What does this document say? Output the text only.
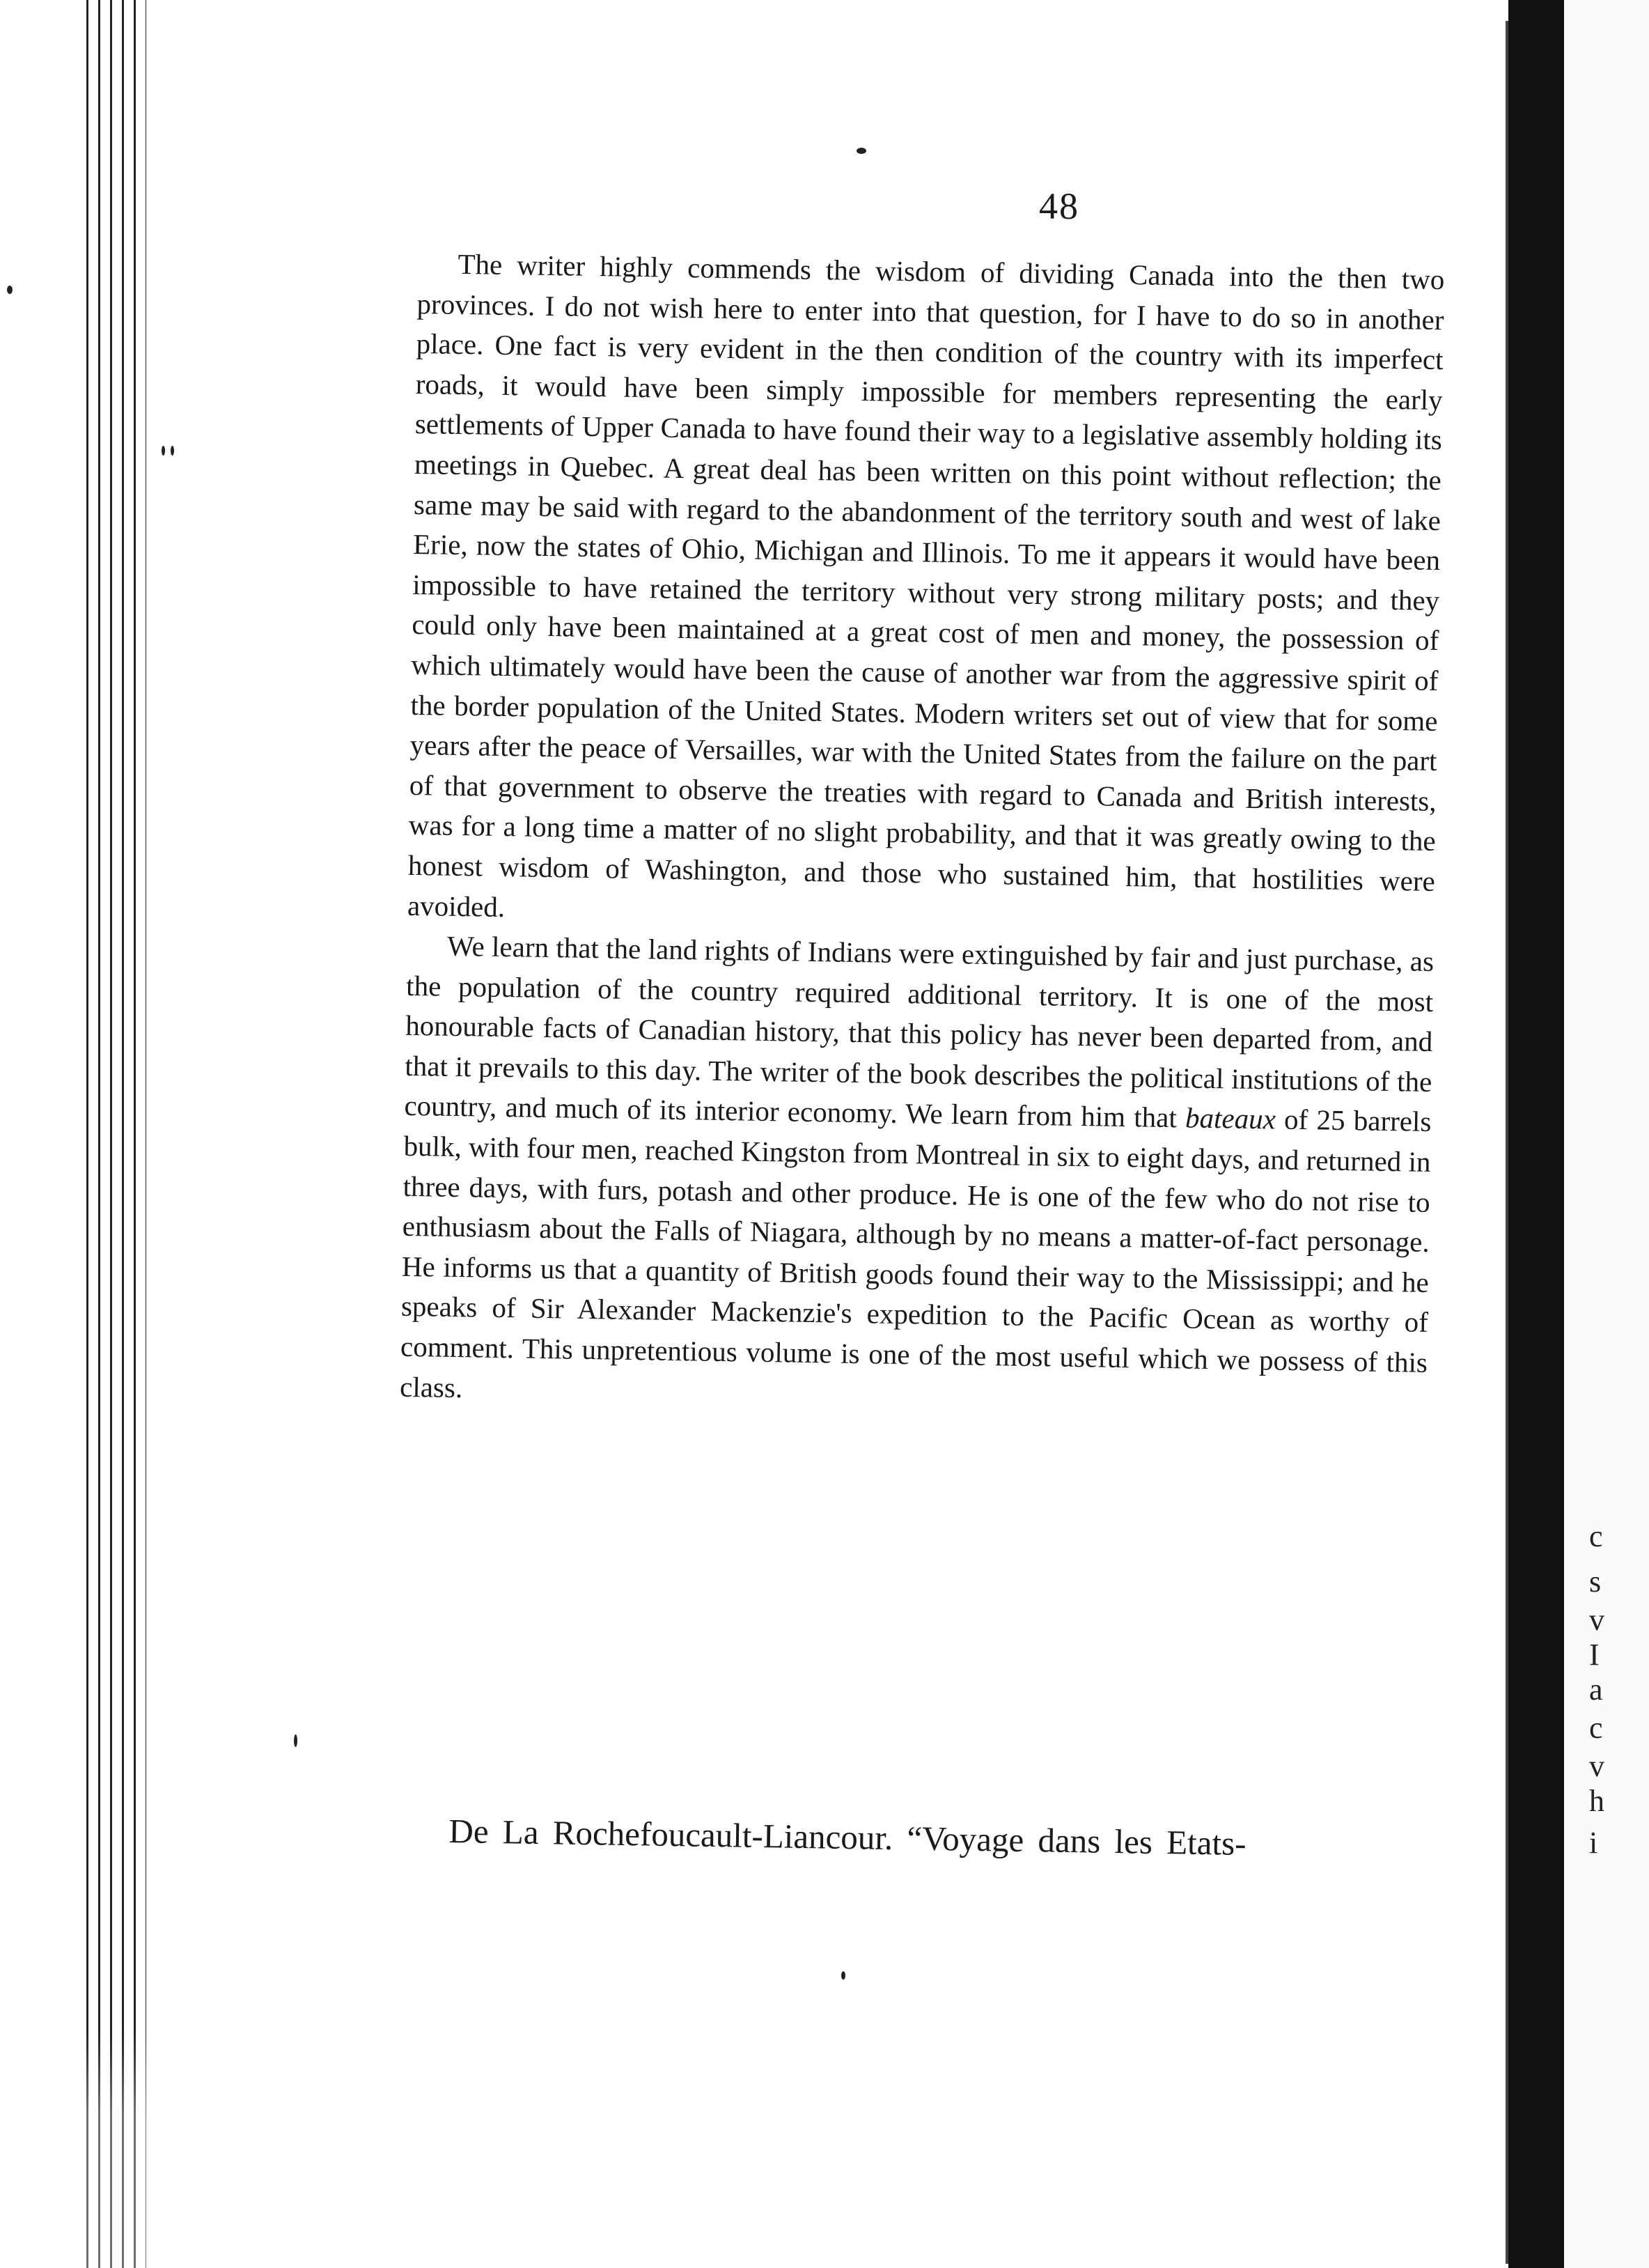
48

The writer highly commends the wisdom of dividing Canada into the then two provinces. I do not wish here to enter into that question, for I have to do so in another place. One fact is very evident in the then condition of the country with its imperfect roads, it would have been simply impossible for members representing the early settlements of Upper Canada to have found their way to a legislative assembly holding its meetings in Quebec. A great deal has been written on this point without reflection; the same may be said with regard to the abandonment of the territory south and west of lake Erie, now the states of Ohio, Michigan and Illinois. To me it appears it would have been impossible to have retained the territory without very strong military posts; and they could only have been maintained at a great cost of men and money, the possession of which ultimately would have been the cause of another war from the aggressive spirit of the border population of the United States. Modern writers set out of view that for some years after the peace of Versailles, war with the United States from the failure on the part of that government to observe the treaties with regard to Canada and British interests, was for a long time a matter of no slight probability, and that it was greatly owing to the honest wisdom of Washington, and those who sustained him, that hostilities were avoided.

We learn that the land rights of Indians were extinguished by fair and just purchase, as the population of the country required additional territory. It is one of the most honourable facts of Canadian history, that this policy has never been departed from, and that it prevails to this day. The writer of the book describes the political institutions of the country, and much of its interior economy. We learn from him that bateaux of 25 barrels bulk, with four men, reached Kingston from Montreal in six to eight days, and returned in three days, with furs, potash and other produce. He is one of the few who do not rise to enthusiasm about the Falls of Niagara, although by no means a matter-of-fact personage. He informs us that a quantity of British goods found their way to the Mississippi; and he speaks of Sir Alexander Mackenzie's expedition to the Pacific Ocean as worthy of comment. This unpretentious volume is one of the most useful which we possess of this class.

De La Rochefoucault-Liancour. “Voyage dans les Etats-
c
s
v
I
a
c
v
h
i
